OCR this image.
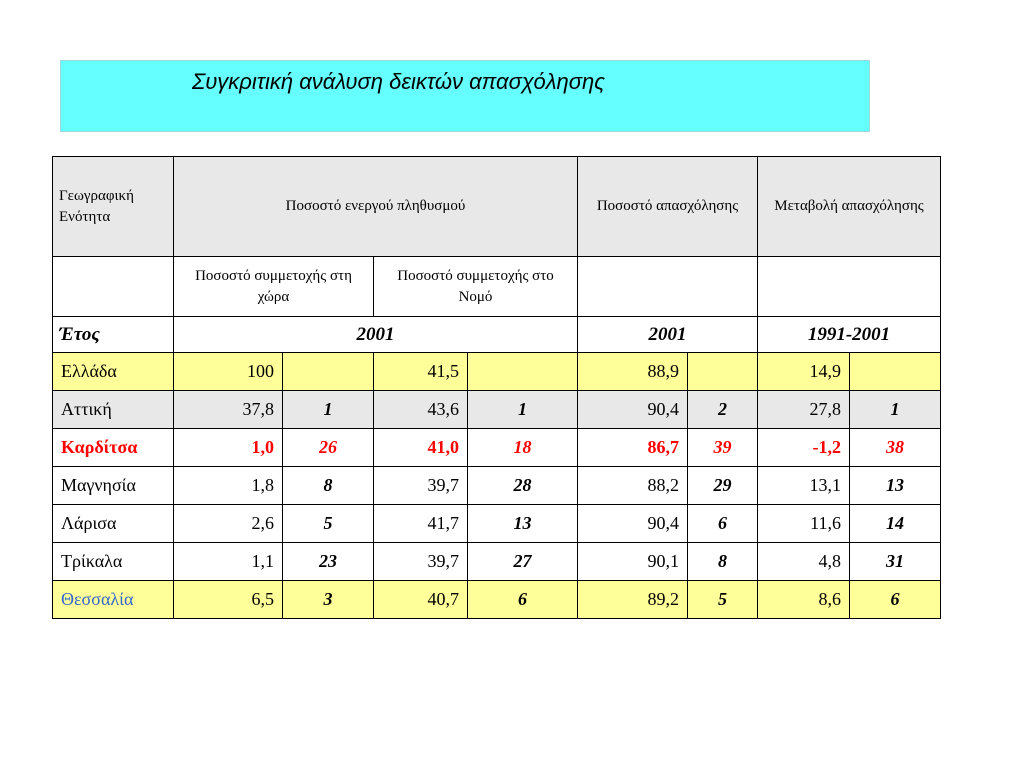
Συγκριτική ανάλυση δεικτών απασχόλησης
Γεωγραφική Ενότητα	Ποσοστό ενεργού πληθυσμού				Ποσοστό απασχόλησης		Μεταβολή απασχόλησης	
	Ποσοστό συμμετοχής στη χώρα		Ποσοστό συμμετοχής στο Νομό					
Έτος	2001				2001		1991-2001	
Ελλάδα	100		41,5		88,9		14,9	
Αττική	37,8	1	43,6	1	90,4	2	27,8	1
Καρδίτσα	1,0	26	41,0	18	86,7	39	-1,2	38
Μαγνησία	1,8	8	39,7	28	88,2	29	13,1	13
Λάρισα	2,6	5	41,7	13	90,4	6	11,6	14
Τρίκαλα	1,1	23	39,7	27	90,1	8	4,8	31
Θεσσαλία	6,5	3	40,7	6	89,2	5	8,6	6
